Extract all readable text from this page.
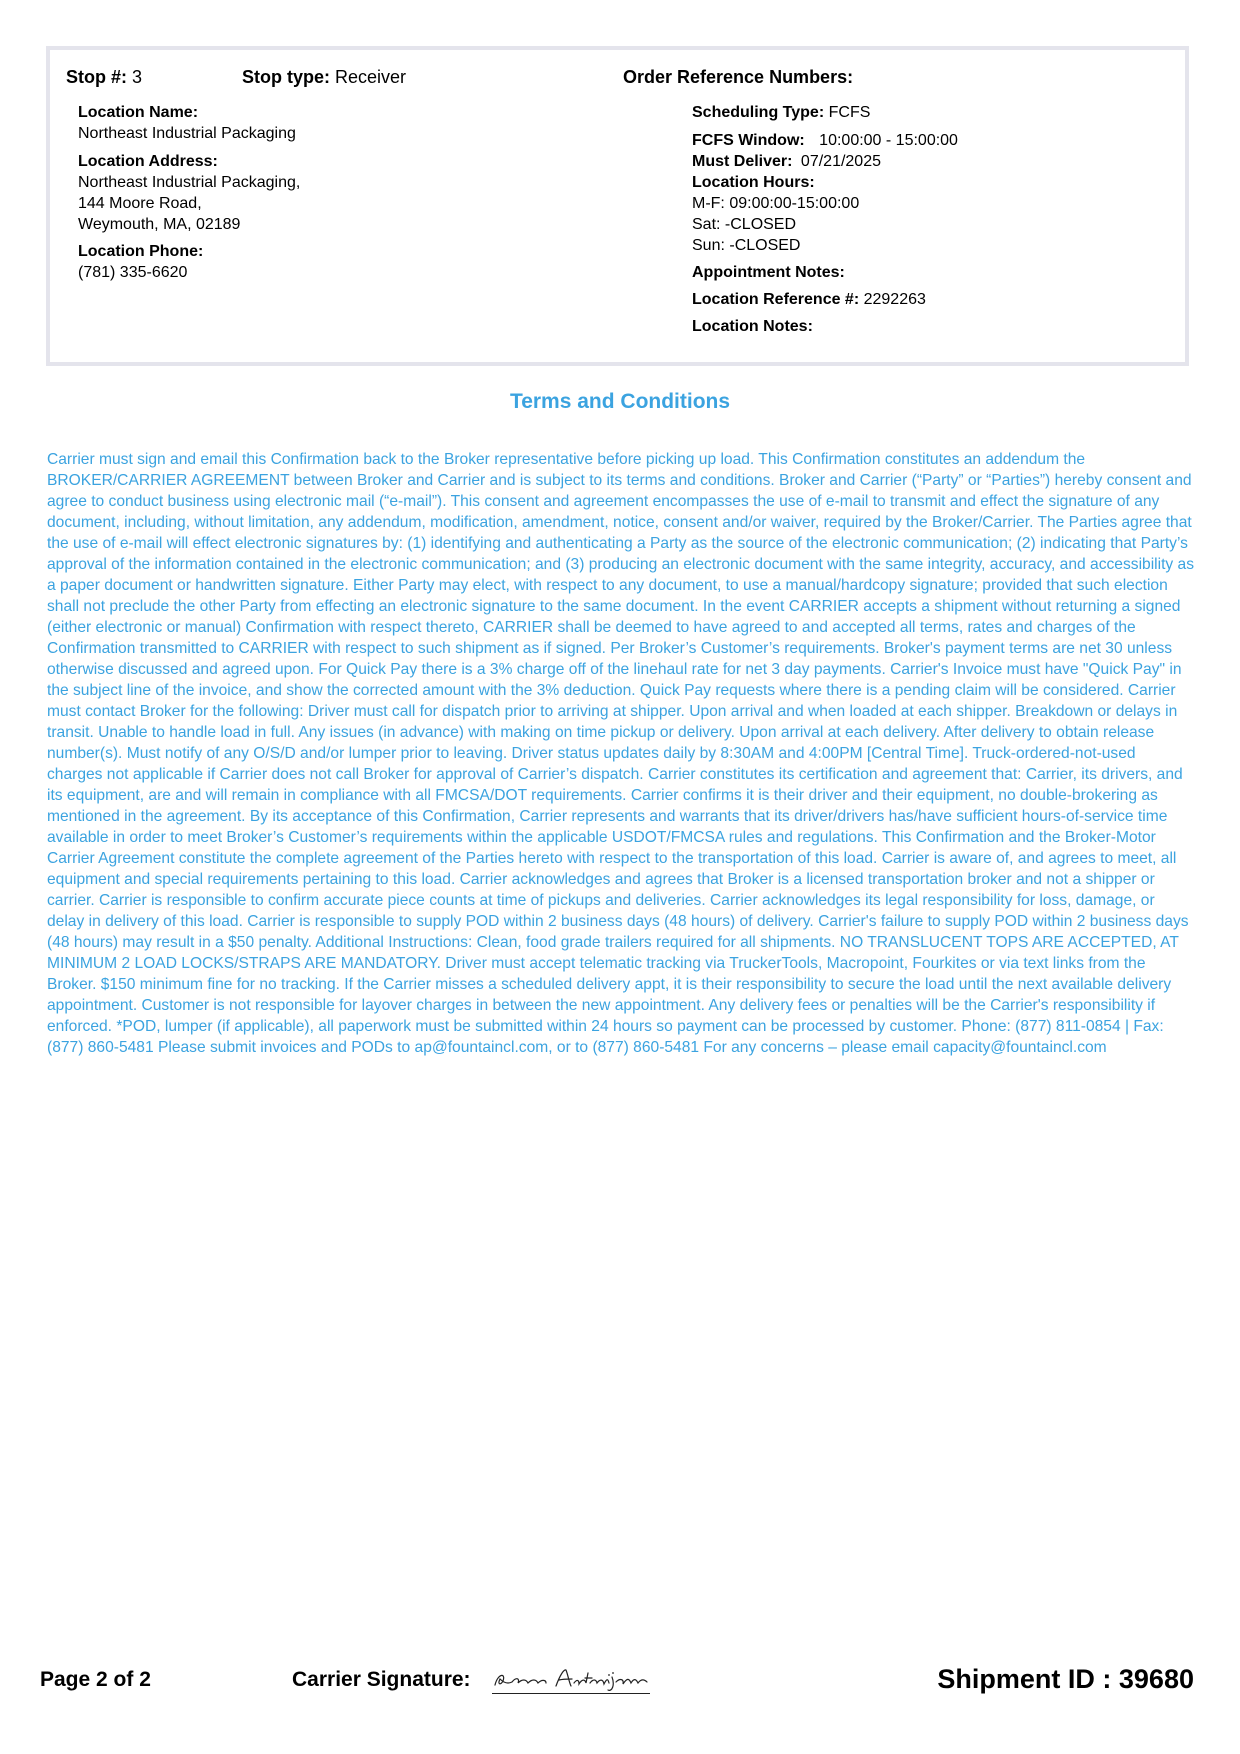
Stop #: 3	Stop type: Receiver	Order Reference Numbers:
Location Name:
Northeast Industrial Packaging
Location Address:
Northeast Industrial Packaging,
144 Moore Road,
Weymouth, MA, 02189
Location Phone:
(781) 335-6620
Scheduling Type: FCFS
FCFS Window: 10:00:00 - 15:00:00
Must Deliver: 07/21/2025
Location Hours:
M-F: 09:00:00-15:00:00
Sat: -CLOSED
Sun: -CLOSED
Appointment Notes:
Location Reference #: 2292263
Location Notes:
Terms and Conditions

Carrier must sign and email this Confirmation back to the Broker representative before picking up load. This Confirmation constitutes an addendum the BROKER/CARRIER AGREEMENT between Broker and Carrier and is subject to its terms and conditions. Broker and Carrier (“Party” or “Parties”) hereby consent and agree to conduct business using electronic mail (“e-mail”). This consent and agreement encompasses the use of e-mail to transmit and effect the signature of any document, including, without limitation, any addendum, modification, amendment, notice, consent and/or waiver, required by the Broker/Carrier. The Parties agree that the use of e-mail will effect electronic signatures by: (1) identifying and authenticating a Party as the source of the electronic communication; (2) indicating that Party’s approval of the information contained in the electronic communication; and (3) producing an electronic document with the same integrity, accuracy, and accessibility as a paper document or handwritten signature. Either Party may elect, with respect to any document, to use a manual/hardcopy signature; provided that such election shall not preclude the other Party from effecting an electronic signature to the same document. In the event CARRIER accepts a shipment without returning a signed (either electronic or manual) Confirmation with respect thereto, CARRIER shall be deemed to have agreed to and accepted all terms, rates and charges of the Confirmation transmitted to CARRIER with respect to such shipment as if signed. Per Broker’s Customer’s requirements. Broker's payment terms are net 30 unless otherwise discussed and agreed upon. For Quick Pay there is a 3% charge off of the linehaul rate for net 3 day payments. Carrier's Invoice must have "Quick Pay" in the subject line of the invoice, and show the corrected amount with the 3% deduction. Quick Pay requests where there is a pending claim will be considered. Carrier must contact Broker for the following: Driver must call for dispatch prior to arriving at shipper. Upon arrival and when loaded at each shipper. Breakdown or delays in transit. Unable to handle load in full. Any issues (in advance) with making on time pickup or delivery. Upon arrival at each delivery. After delivery to obtain release number(s). Must notify of any O/S/D and/or lumper prior to leaving. Driver status updates daily by 8:30AM and 4:00PM [Central Time]. Truck-ordered-not-used charges not applicable if Carrier does not call Broker for approval of Carrier’s dispatch. Carrier constitutes its certification and agreement that: Carrier, its drivers, and its equipment, are and will remain in compliance with all FMCSA/DOT requirements. Carrier confirms it is their driver and their equipment, no double-brokering as mentioned in the agreement. By its acceptance of this Confirmation, Carrier represents and warrants that its driver/drivers has/have sufficient hours-of-service time available in order to meet Broker’s Customer’s requirements within the applicable USDOT/FMCSA rules and regulations. This Confirmation and the Broker-Motor Carrier Agreement constitute the complete agreement of the Parties hereto with respect to the transportation of this load. Carrier is aware of, and agrees to meet, all equipment and special requirements pertaining to this load. Carrier acknowledges and agrees that Broker is a licensed transportation broker and not a shipper or carrier. Carrier is responsible to confirm accurate piece counts at time of pickups and deliveries. Carrier acknowledges its legal responsibility for loss, damage, or delay in delivery of this load. Carrier is responsible to supply POD within 2 business days (48 hours) of delivery. Carrier's failure to supply POD within 2 business days (48 hours) may result in a $50 penalty. Additional Instructions: Clean, food grade trailers required for all shipments. NO TRANSLUCENT TOPS ARE ACCEPTED, AT MINIMUM 2 LOAD LOCKS/STRAPS ARE MANDATORY. Driver must accept telematic tracking via TruckerTools, Macropoint, Fourkites or via text links from the Broker. $150 minimum fine for no tracking. If the Carrier misses a scheduled delivery appt, it is their responsibility to secure the load until the next available delivery appointment. Customer is not responsible for layover charges in between the new appointment. Any delivery fees or penalties will be the Carrier's responsibility if enforced. *POD, lumper (if applicable), all paperwork must be submitted within 24 hours so payment can be processed by customer. Phone: (877) 811-0854 | Fax: (877) 860-5481 Please submit invoices and PODs to ap@fountaincl.com, or to (877) 860-5481 For any concerns – please email capacity@fountaincl.com

Page 2 of 2	Carrier Signature:	Shipment ID : 39680
